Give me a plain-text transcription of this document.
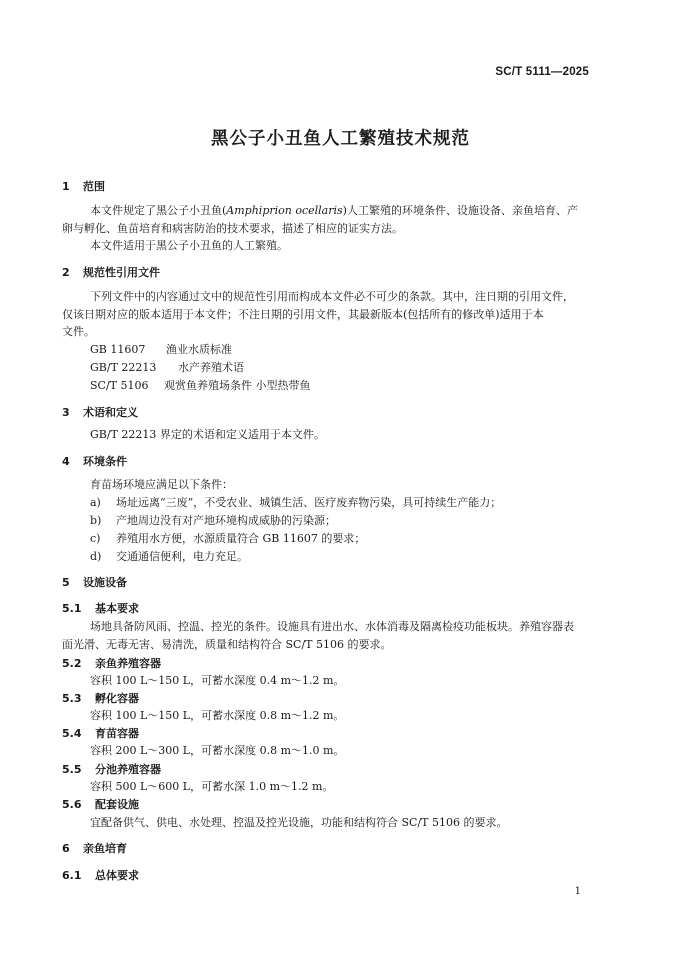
SC/T 5111—2025
黑公子小丑鱼人工繁殖技术规范
1 范围
本文件规定了黑公子小丑鱼(Amphiprion ocellaris)人工繁殖的环境条件、设施设备、亲鱼培育、产
卵与孵化、鱼苗培育和病害防治的技术要求，描述了相应的证实方法。
本文件适用于黑公子小丑鱼的人工繁殖。
2 规范性引用文件
下列文件中的内容通过文中的规范性引用而构成本文件必不可少的条款。其中，注日期的引用文件，
仅该日期对应的版本适用于本文件；不注日期的引用文件，其最新版本(包括所有的修改单)适用于本
文件。
GB 11607 渔业水质标准
GB/T 22213 水产养殖术语
SC/T 5106 观赏鱼养殖场条件 小型热带鱼
3 术语和定义
GB/T 22213 界定的术语和定义适用于本文件。
4 环境条件
育苗场环境应满足以下条件：
a) 场址远离“三废”，不受农业、城镇生活、医疗废弃物污染，具可持续生产能力；
b) 产地周边没有对产地环境构成威胁的污染源；
c) 养殖用水方便，水源质量符合 GB 11607 的要求；
d) 交通通信便利，电力充足。
5 设施设备
5.1 基本要求
场地具备防风雨、控温、控光的条件。设施具有进出水、水体消毒及隔离检疫功能板块。养殖容器表
面光滑、无毒无害、易清洗，质量和结构符合 SC/T 5106 的要求。
5.2 亲鱼养殖容器
容积 100 L～150 L，可蓄水深度 0.4 m～1.2 m。
5.3 孵化容器
容积 100 L～150 L，可蓄水深度 0.8 m～1.2 m。
5.4 育苗容器
容积 200 L～300 L，可蓄水深度 0.8 m～1.0 m。
5.5 分池养殖容器
容积 500 L～600 L，可蓄水深 1.0 m～1.2 m。
5.6 配套设施
宜配备供气、供电、水处理、控温及控光设施，功能和结构符合 SC/T 5106 的要求。
6 亲鱼培育
6.1 总体要求
1
